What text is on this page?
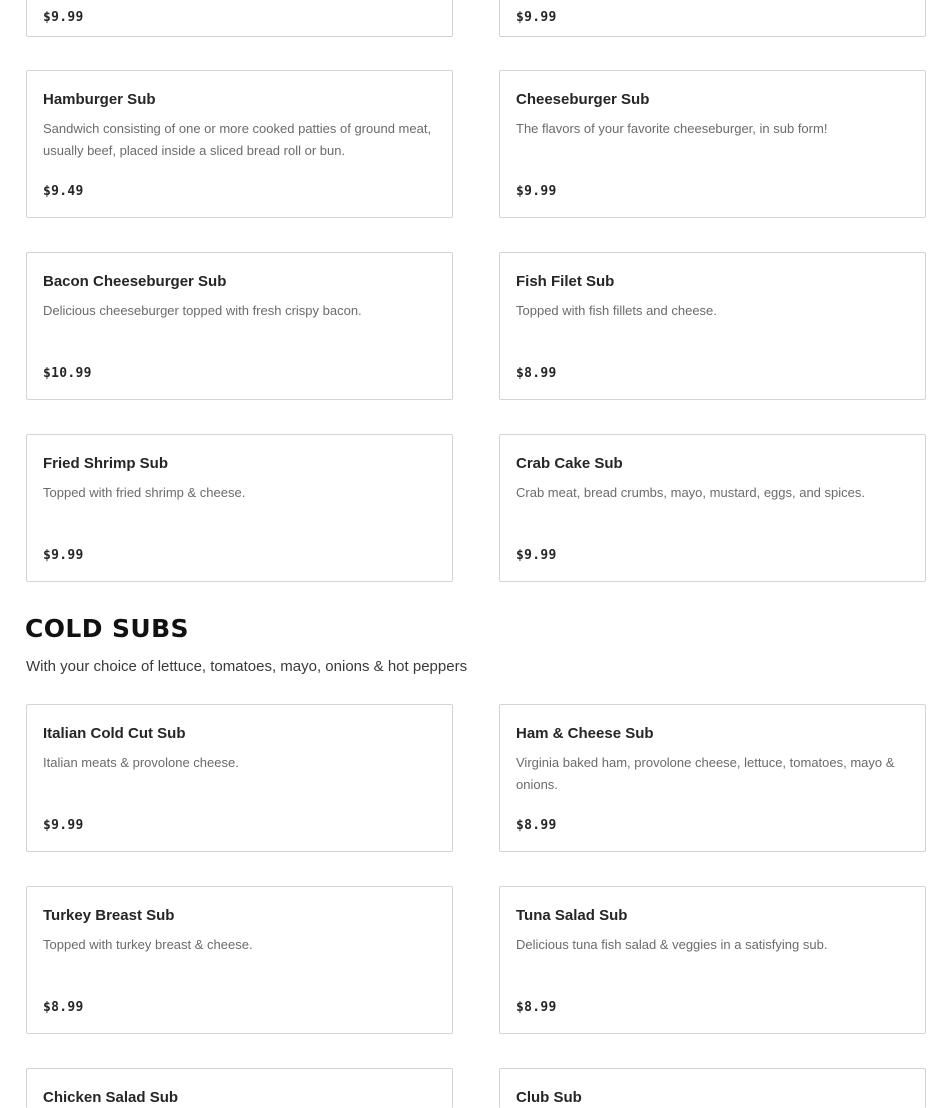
$9.99	$9.99
Hamburger Sub
Sandwich consisting of one or more cooked patties of ground meat, usually beef, placed inside a sliced bread roll or bun.
$9.49
Cheeseburger Sub
The flavors of your favorite cheeseburger, in sub form!
$9.99
Bacon Cheeseburger Sub
Delicious cheeseburger topped with fresh crispy bacon.
$10.99
Fish Filet Sub
Topped with fish fillets and cheese.
$8.99
Fried Shrimp Sub
Topped with fried shrimp & cheese.
$9.99
Crab Cake Sub
Crab meat, bread crumbs, mayo, mustard, eggs, and spices.
$9.99
COLD SUBS
With your choice of lettuce, tomatoes, mayo, onions & hot peppers
Italian Cold Cut Sub
Italian meats & provolone cheese.
$9.99
Ham & Cheese Sub
Virginia baked ham, provolone cheese, lettuce, tomatoes, mayo & onions.
$8.99
Turkey Breast Sub
Topped with turkey breast & cheese.
$8.99
Tuna Salad Sub
Delicious tuna fish salad & veggies in a satisfying sub.
$8.99
Chicken Salad Sub	Club Sub
